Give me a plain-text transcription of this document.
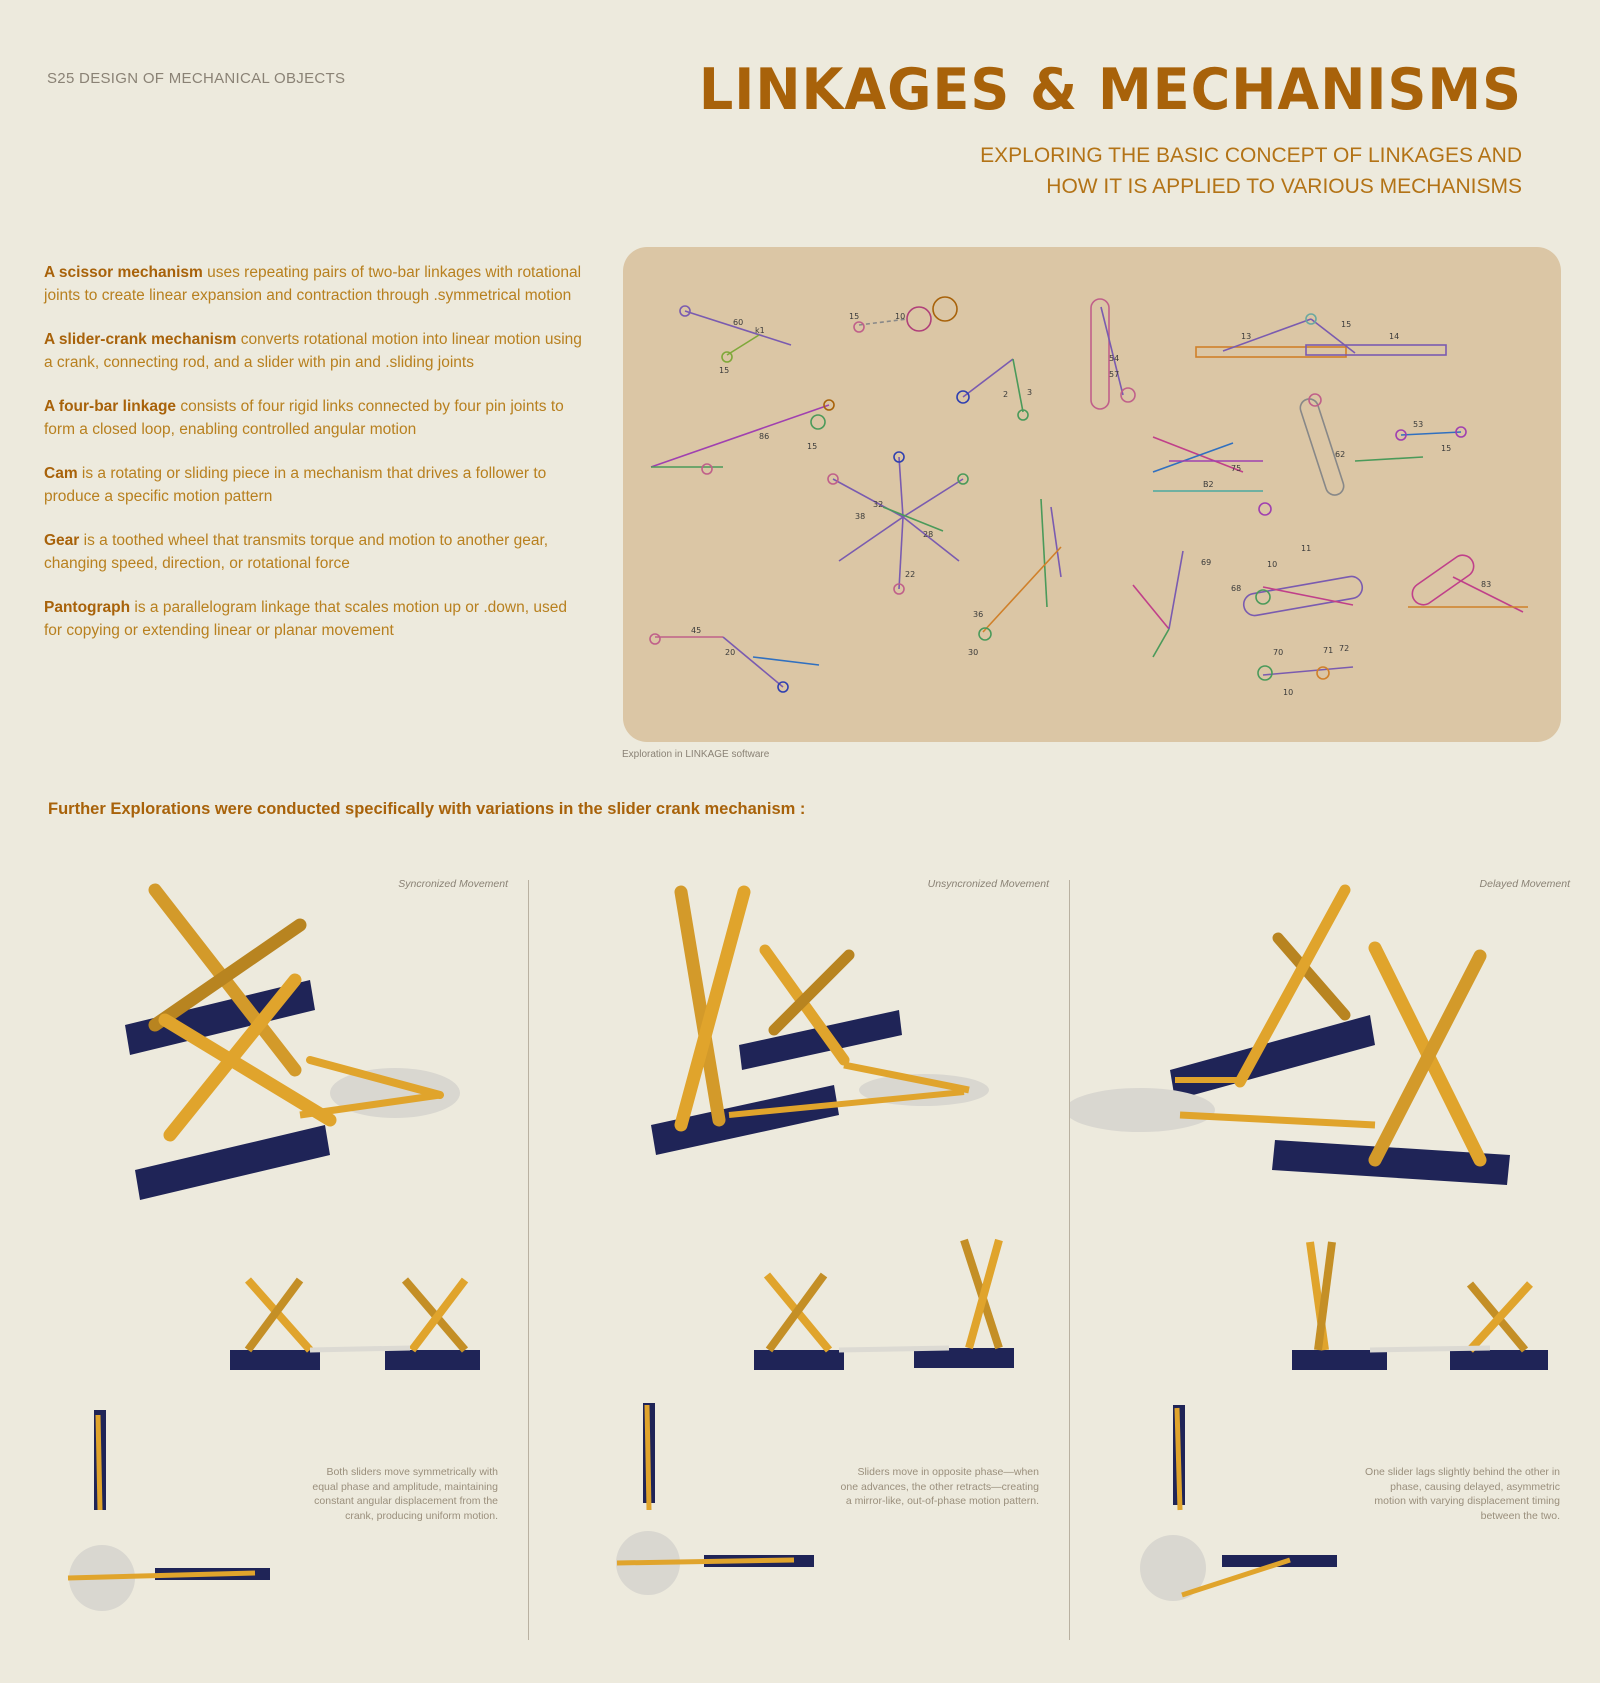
S25 DESIGN OF MECHANICAL OBJECTS	LINKAGES & MECHANISMS
EXPLORING THE BASIC CONCEPT OF LINKAGES AND
HOW IT IS APPLIED TO VARIOUS MECHANISMS

A scissor mechanism uses repeating pairs of two-bar linkages with rotational joints to create linear expansion and contraction through .symmetrical motion

A slider-crank mechanism converts rotational motion into linear motion using a crank, connecting rod, and a slider with pin and .sliding joints

A four-bar linkage consists of four rigid links connected by four pin joints to form a closed loop, enabling controlled angular motion

Cam is a rotating or sliding piece in a mechanism that drives a follower to produce a specific motion pattern

Gear is a toothed wheel that transmits torque and motion to another gear, changing speed, direction, or rotational force

Pantograph is a parallelogram linkage that scales motion up or .down, used for copying or extending linear or planar movement

60
k1
15
15	10
54
57
13	14
15
86
15
2 3
38
32
28
22
36
B2
75
69
68
62
53
15
10
11
70	71 72
45
20	30
10
83
Exploration in LINKAGE software
Further Explorations were conducted specifically with variations in the slider crank mechanism :
Syncronized Movement
Both sliders move symmetrically with equal phase and amplitude, maintaining constant angular displacement from the crank, producing uniform motion.
Unsyncronized Movement
Sliders move in opposite phase—when one advances, the other retracts—creating a mirror-like, out-of-phase motion pattern.
Delayed Movement
One slider lags slightly behind the other in phase, causing delayed, asymmetric motion with varying displacement timing between the two.
